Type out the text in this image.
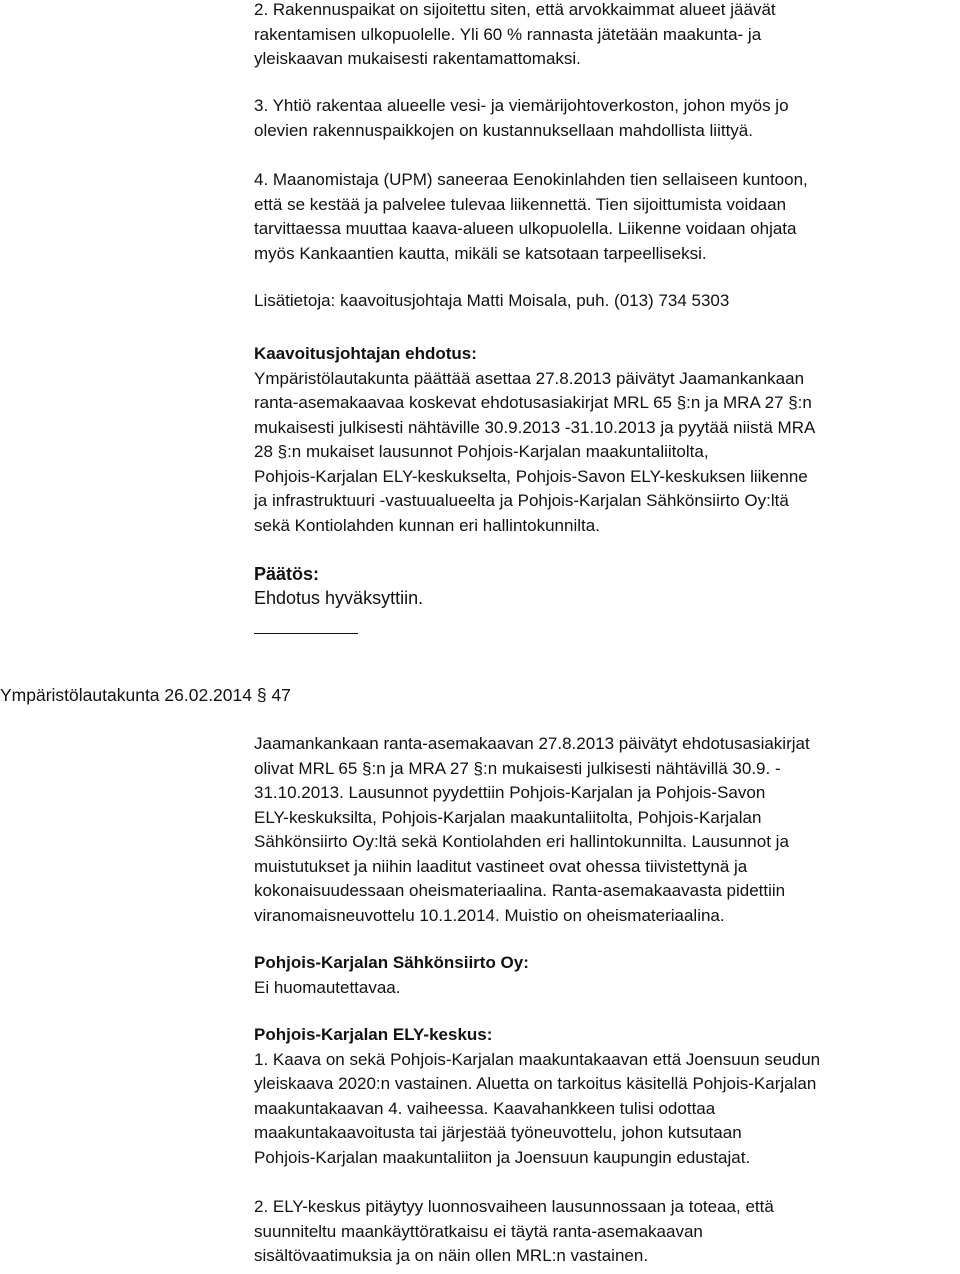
2. Rakennuspaikat on sijoitettu siten, että arvokkaimmat alueet jäävät
rakentamisen ulkopuolelle. Yli 60 % rannasta jätetään maakunta- ja
yleiskaavan mukaisesti rakentamattomaksi.

3. Yhtiö rakentaa alueelle vesi- ja viemärijohtoverkoston, johon myös jo
olevien rakennuspaikkojen on kustannuksellaan mahdollista liittyä.

4. Maanomistaja (UPM) saneeraa Eenokinlahden tien sellaiseen kuntoon,
että se kestää ja palvelee tulevaa liikennettä. Tien sijoittumista voidaan
tarvittaessa muuttaa kaava-alueen ulkopuolella. Liikenne voidaan ohjata
myös Kankaantien kautta, mikäli se katsotaan tarpeelliseksi.

Lisätietoja: kaavoitusjohtaja Matti Moisala, puh. (013) 734 5303

Kaavoitusjohtajan ehdotus:

Ympäristölautakunta päättää asettaa 27.8.2013 päivätyt Jaamankankaan
ranta-asemakaavaa koskevat ehdotusasiakirjat MRL 65 §:n ja MRA 27 §:n
mukaisesti julkisesti nähtäville 30.9.2013 -31.10.2013 ja pyytää niistä MRA
28 §:n mukaiset lausunnot Pohjois-Karjalan maakuntaliitolta,
Pohjois-Karjalan ELY-keskukselta, Pohjois-Savon ELY-keskuksen liikenne
ja infrastruktuuri -vastuualueelta ja Pohjois-Karjalan Sähkönsiirto Oy:ltä
sekä Kontiolahden kunnan eri hallintokunnilta.

Päätös:

Ehdotus hyväksyttiin.

Ympäristölautakunta 26.02.2014 § 47

Jaamankankaan ranta-asemakaavan 27.8.2013 päivätyt ehdotusasiakirjat
olivat MRL 65 §:n ja MRA 27 §:n mukaisesti julkisesti nähtävillä 30.9. -
31.10.2013. Lausunnot pyydettiin Pohjois-Karjalan ja Pohjois-Savon
ELY-keskuksilta, Pohjois-Karjalan maakuntaliitolta, Pohjois-Karjalan
Sähkönsiirto Oy:ltä sekä Kontiolahden eri hallintokunnilta. Lausunnot ja
muistutukset ja niihin laaditut vastineet ovat ohessa tiivistettynä ja
kokonaisuudessaan oheismateriaalina. Ranta-asemakaavasta pidettiin
viranomaisneuvottelu 10.1.2014. Muistio on oheismateriaalina.

Pohjois-Karjalan Sähkönsiirto Oy:

Ei huomautettavaa.

Pohjois-Karjalan ELY-keskus:

1. Kaava on sekä Pohjois-Karjalan maakuntakaavan että Joensuun seudun
yleiskaava 2020:n vastainen. Aluetta on tarkoitus käsitellä Pohjois-Karjalan
maakuntakaavan 4. vaiheessa. Kaavahankkeen tulisi odottaa
maakuntakaavoitusta tai järjestää työneuvottelu, johon kutsutaan
Pohjois-Karjalan maakuntaliiton ja Joensuun kaupungin edustajat.

2. ELY-keskus pitäytyy luonnosvaiheen lausunnossaan ja toteaa, että
suunniteltu maankäyttöratkaisu ei täytä ranta-asemakaavan
sisältövaatimuksia ja on näin ollen MRL:n vastainen.
